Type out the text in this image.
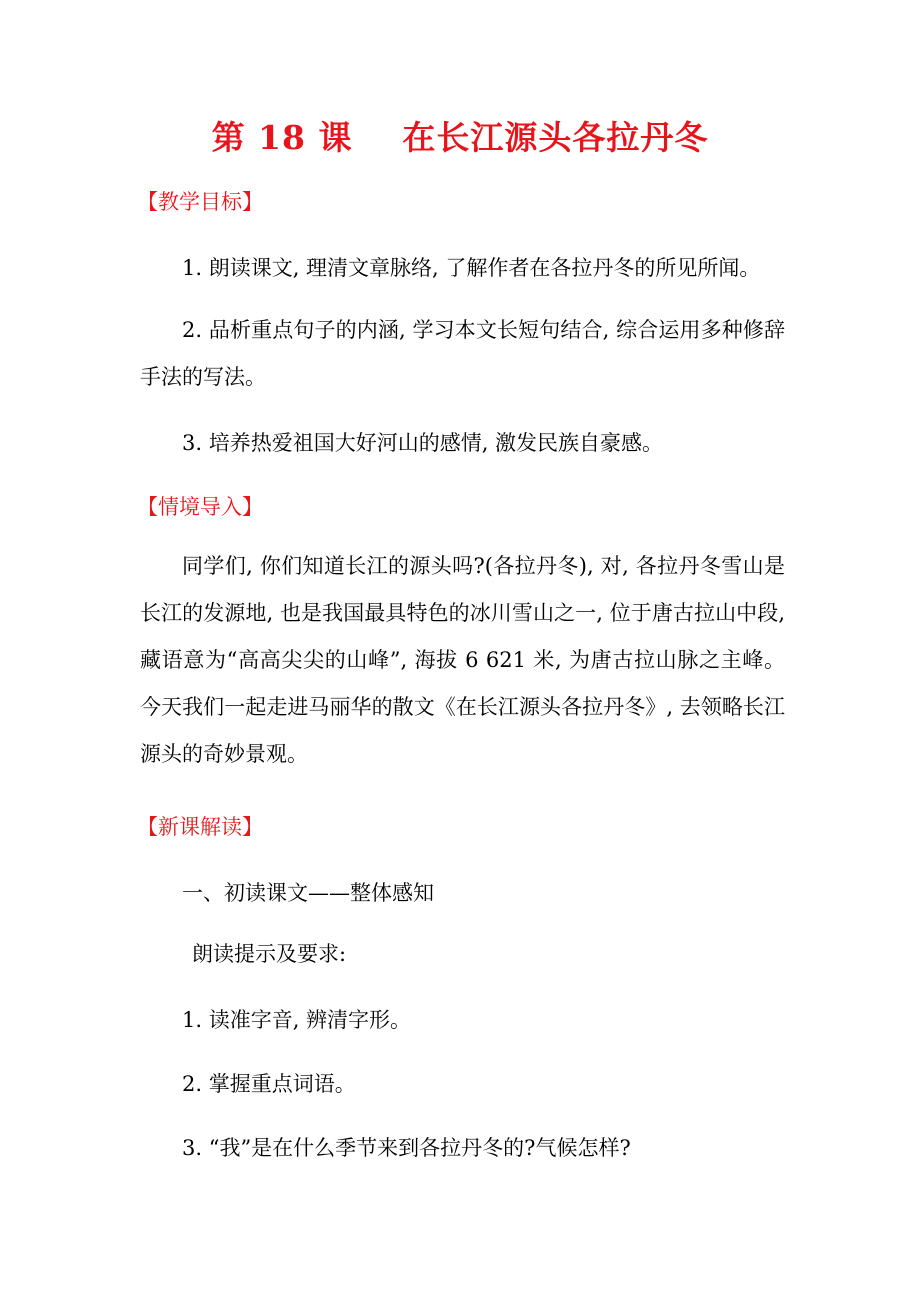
第 18 课    在长江源头各拉丹冬
【教学目标】
1. 朗读课文, 理清文章脉络, 了解作者在各拉丹冬的所见所闻。
2. 品析重点句子的内涵, 学习本文长短句结合, 综合运用多种修辞手法的写法。
3. 培养热爱祖国大好河山的感情, 激发民族自豪感。
【情境导入】
同学们, 你们知道长江的源头吗?(各拉丹冬), 对, 各拉丹冬雪山是长江的发源地, 也是我国最具特色的冰川雪山之一, 位于唐古拉山中段, 藏语意为“高高尖尖的山峰”, 海拔 6 621 米, 为唐古拉山脉之主峰。今天我们一起走进马丽华的散文《在长江源头各拉丹冬》, 去领略长江源头的奇妙景观。
【新课解读】
一、初读课文——整体感知
朗读提示及要求:
1. 读准字音, 辨清字形。
2. 掌握重点词语。
3. “我”是在什么季节来到各拉丹冬的?气候怎样?
